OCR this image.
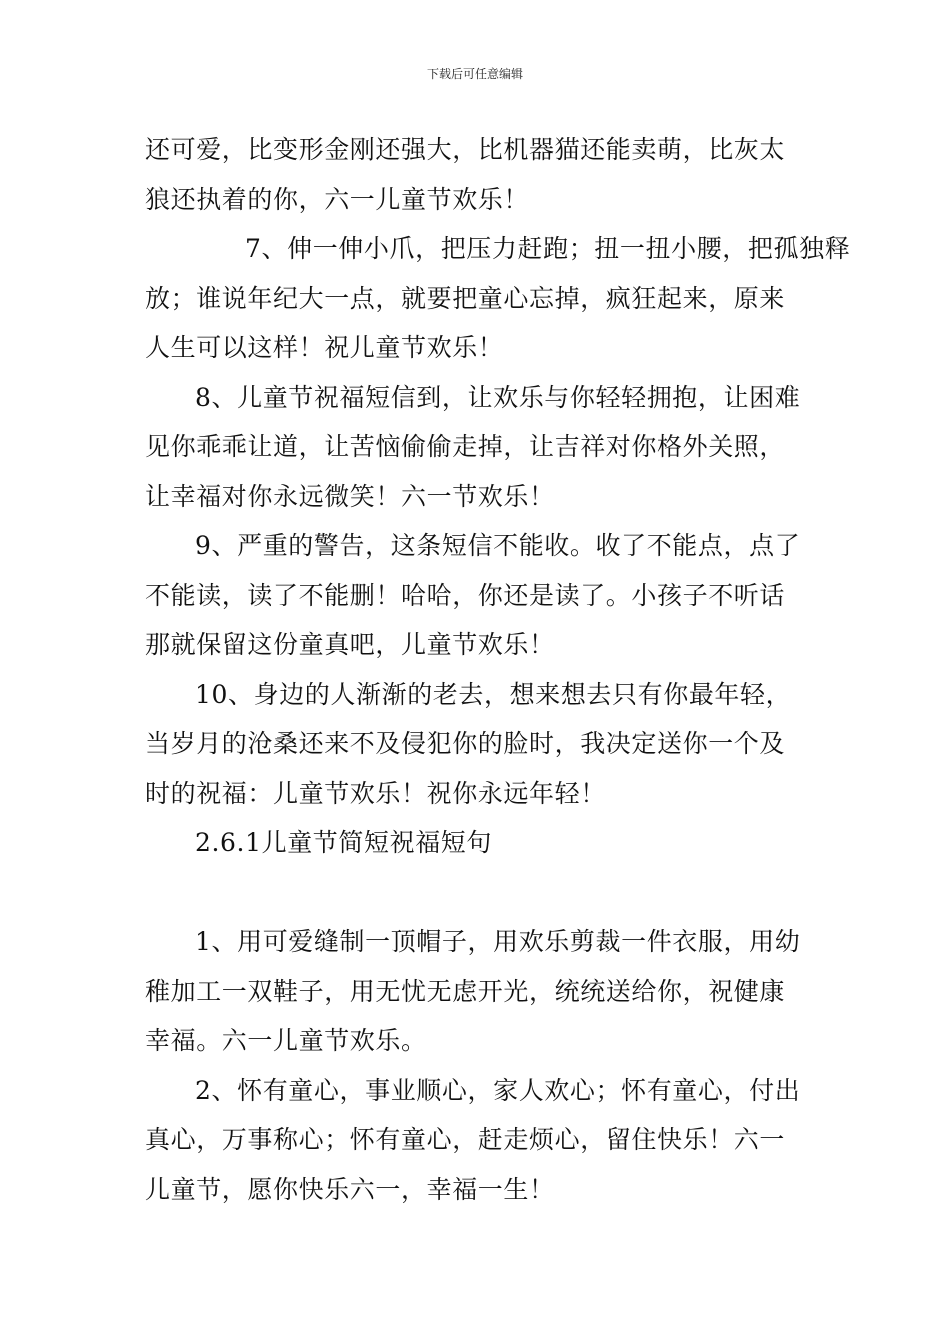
下载后可任意编辑

还可爱，比变形金刚还强大，比机器猫还能卖萌，比灰太
狼还执着的你，六一儿童节欢乐！

7、伸一伸小爪，把压力赶跑；扭一扭小腰，把孤独释
放；谁说年纪大一点，就要把童心忘掉，疯狂起来，原来
人生可以这样！祝儿童节欢乐！

8、儿童节祝福短信到，让欢乐与你轻轻拥抱，让困难
见你乖乖让道，让苦恼偷偷走掉，让吉祥对你格外关照，
让幸福对你永远微笑！六一节欢乐！

9、严重的警告，这条短信不能收。收了不能点，点了
不能读，读了不能删！哈哈，你还是读了。小孩子不听话
那就保留这份童真吧，儿童节欢乐！

10、身边的人渐渐的老去，想来想去只有你最年轻，
当岁月的沧桑还来不及侵犯你的脸时，我决定送你一个及
时的祝福：儿童节欢乐！祝你永远年轻！

2.6.1儿童节简短祝福短句

1、用可爱缝制一顶帽子，用欢乐剪裁一件衣服，用幼
稚加工一双鞋子，用无忧无虑开光，统统送给你，祝健康
幸福。六一儿童节欢乐。

2、怀有童心，事业顺心，家人欢心；怀有童心，付出
真心，万事称心；怀有童心，赶走烦心，留住快乐！六一
儿童节，愿你快乐六一，幸福一生！
